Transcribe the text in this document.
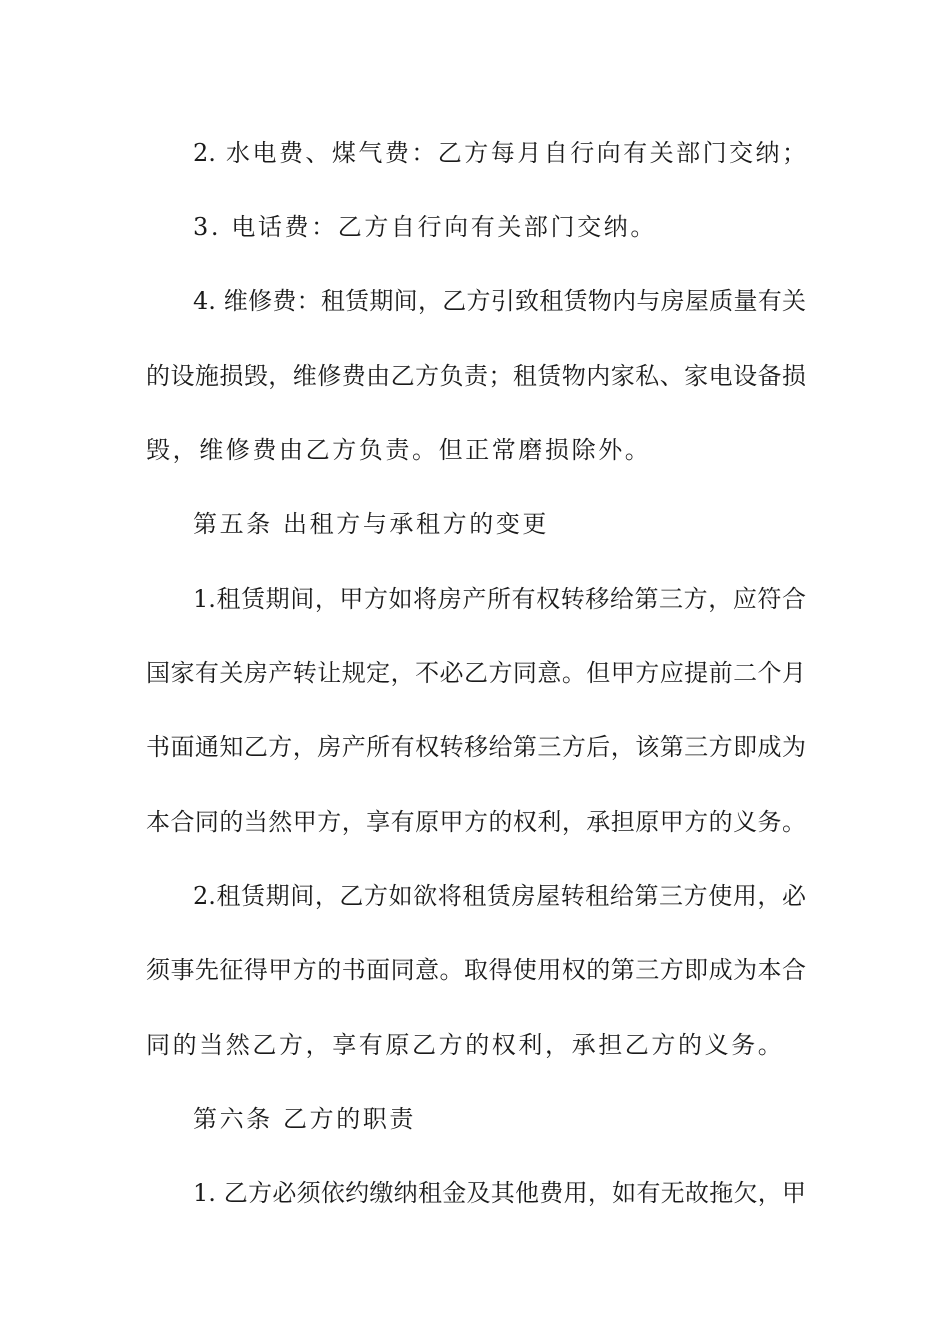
2. 水电费、煤气费：乙方每月自行向有关部门交纳；
3. 电话费：乙方自行向有关部门交纳。
4. 维修费：租赁期间，乙方引致租赁物内与房屋质量有关
的设施损毁，维修费由乙方负责；租赁物内家私、家电设备损
毁，维修费由乙方负责。但正常磨损除外。
第五条 出租方与承租方的变更
1.租赁期间，甲方如将房产所有权转移给第三方，应符合
国家有关房产转让规定，不必乙方同意。但甲方应提前二个月
书面通知乙方，房产所有权转移给第三方后，该第三方即成为
本合同的当然甲方，享有原甲方的权利，承担原甲方的义务。
2.租赁期间，乙方如欲将租赁房屋转租给第三方使用，必
须事先征得甲方的书面同意。取得使用权的第三方即成为本合
同的当然乙方，享有原乙方的权利，承担乙方的义务。
第六条 乙方的职责
1. 乙方必须依约缴纳租金及其他费用，如有无故拖欠，甲
